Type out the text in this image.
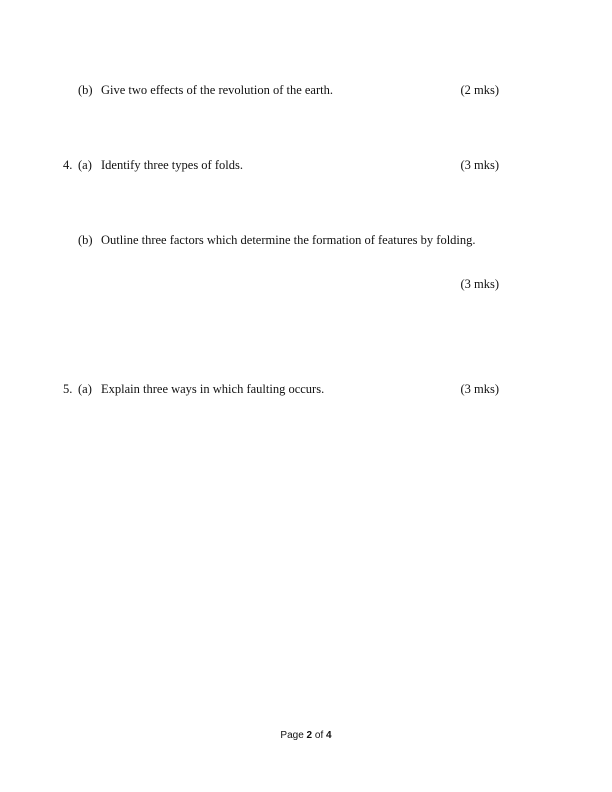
(b) Give two effects of the revolution of the earth.	(2 mks)
4. (a) Identify three types of folds.	(3 mks)
(b) Outline three factors which determine the formation of features by folding.
(3 mks)
5. (a) Explain three ways in which faulting occurs.	(3 mks)
Page 2 of 4
